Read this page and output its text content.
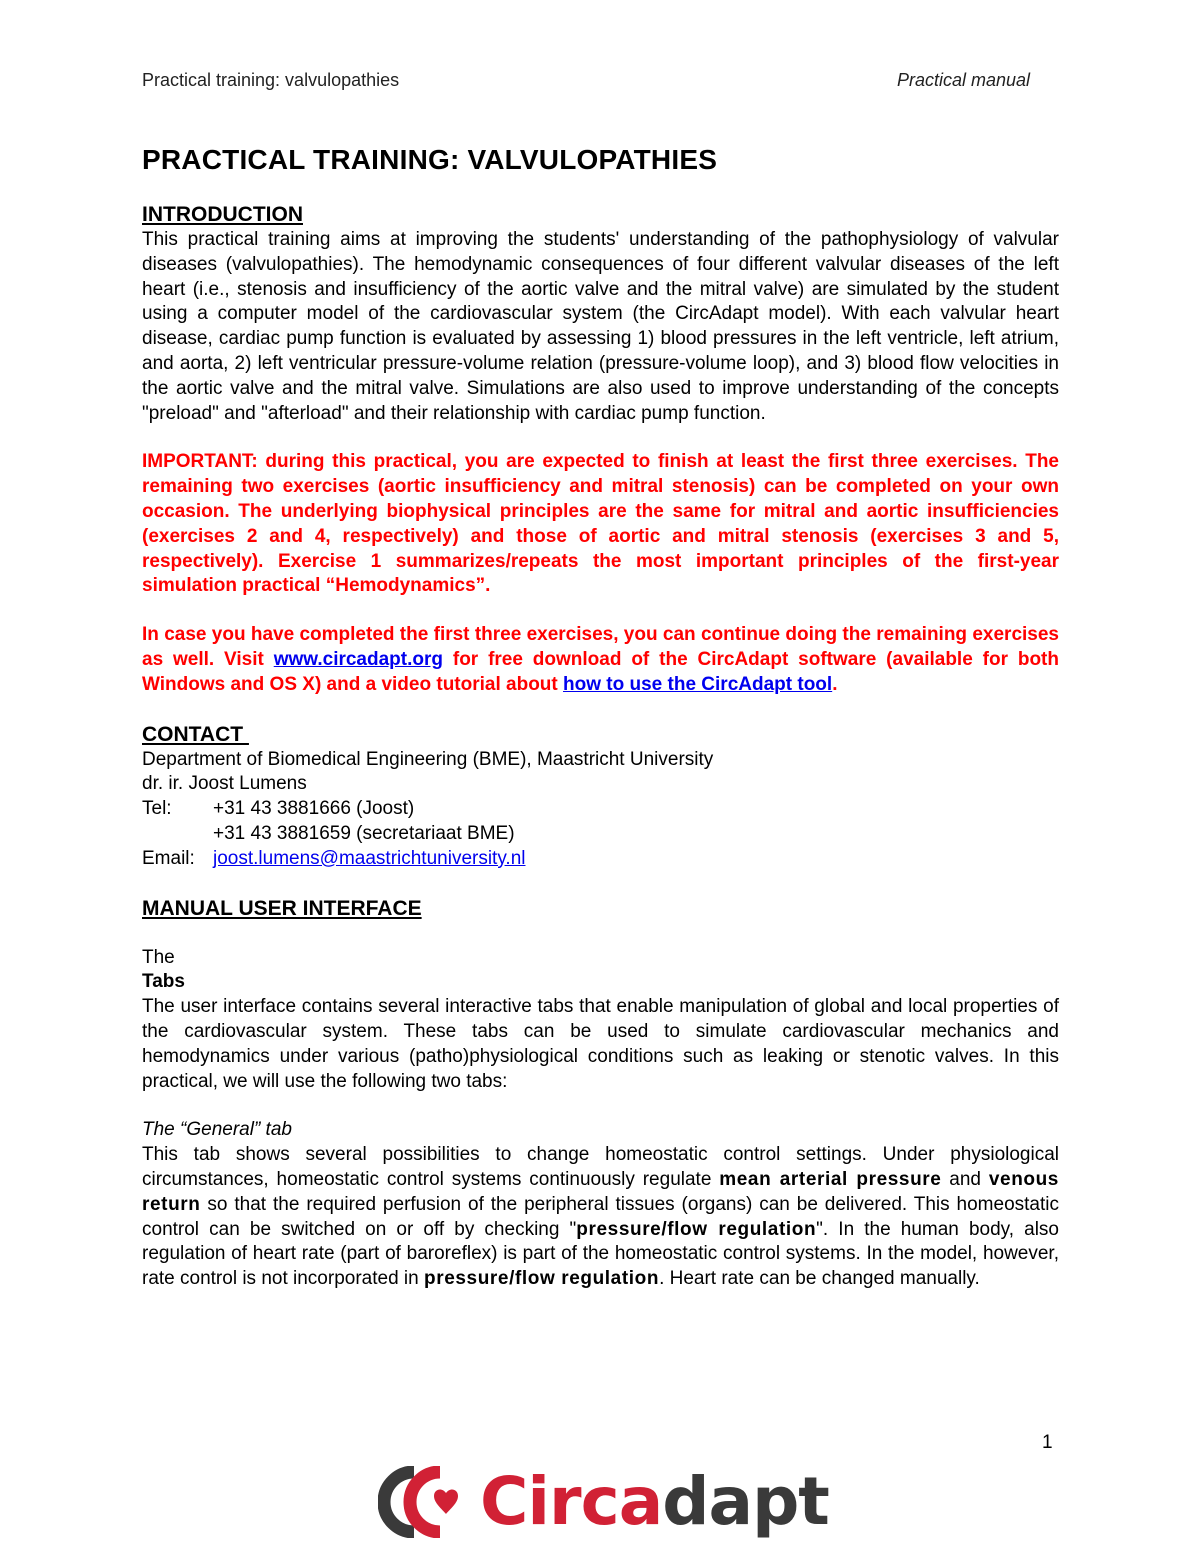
Practical training: valvulopathies	Practical manual
PRACTICAL TRAINING: VALVULOPATHIES
INTRODUCTION

This practical training aims at improving the students' understanding of the pathophysiology of valvular diseases (valvulopathies). The hemodynamic consequences of four different valvular diseases of the left heart (i.e., stenosis and insufficiency of the aortic valve and the mitral valve) are simulated by the student using a computer model of the cardiovascular system (the CircAdapt model). With each valvular heart disease, cardiac pump function is evaluated by assessing 1) blood pressures in the left ventricle, left atrium, and aorta, 2) left ventricular pressure-volume relation (pressure-volume loop), and 3) blood flow velocities in the aortic valve and the mitral valve. Simulations are also used to improve understanding of the concepts "preload" and "afterload" and their relationship with cardiac pump function.

IMPORTANT: during this practical, you are expected to finish at least the first three exercises. The remaining two exercises (aortic insufficiency and mitral stenosis) can be completed on your own occasion. The underlying biophysical principles are the same for mitral and aortic insufficiencies (exercises 2 and 4, respectively) and those of aortic and mitral stenosis (exercises 3 and 5, respectively). Exercise 1 summarizes/repeats the most important principles of the first-year simulation practical “Hemodynamics”.

In case you have completed the first three exercises, you can continue doing the remaining exercises as well. Visit www.circadapt.org for free download of the CircAdapt software (available for both Windows and OS X) and a video tutorial about how to use the CircAdapt tool.

CONTACT
Department of Biomedical Engineering (BME), Maastricht University
dr. ir. Joost Lumens
Tel:	+31 43 3881666 (Joost)
+31 43 3881659 (secretariaat BME)
Email: joost.lumens@maastrichtuniversity.nl
MANUAL USER INTERFACE
The
Tabs

The user interface contains several interactive tabs that enable manipulation of global and local properties of the cardiovascular system. These tabs can be used to simulate cardiovascular mechanics and hemodynamics under various (patho)physiological conditions such as leaking or stenotic valves. In this practical, we will use the following two tabs:

The “General” tab

This tab shows several possibilities to change homeostatic control settings. Under physiological circumstances, homeostatic control systems continuously regulate mean arterial pressure and venous return so that the required perfusion of the peripheral tissues (organs) can be delivered. This homeostatic control can be switched on or off by checking "pressure/flow regulation". In the human body, also regulation of heart rate (part of baroreflex) is part of the homeostatic control systems. In the model, however, rate control is not incorporated in pressure/flow regulation. Heart rate can be changed manually.

1
Circadapt
